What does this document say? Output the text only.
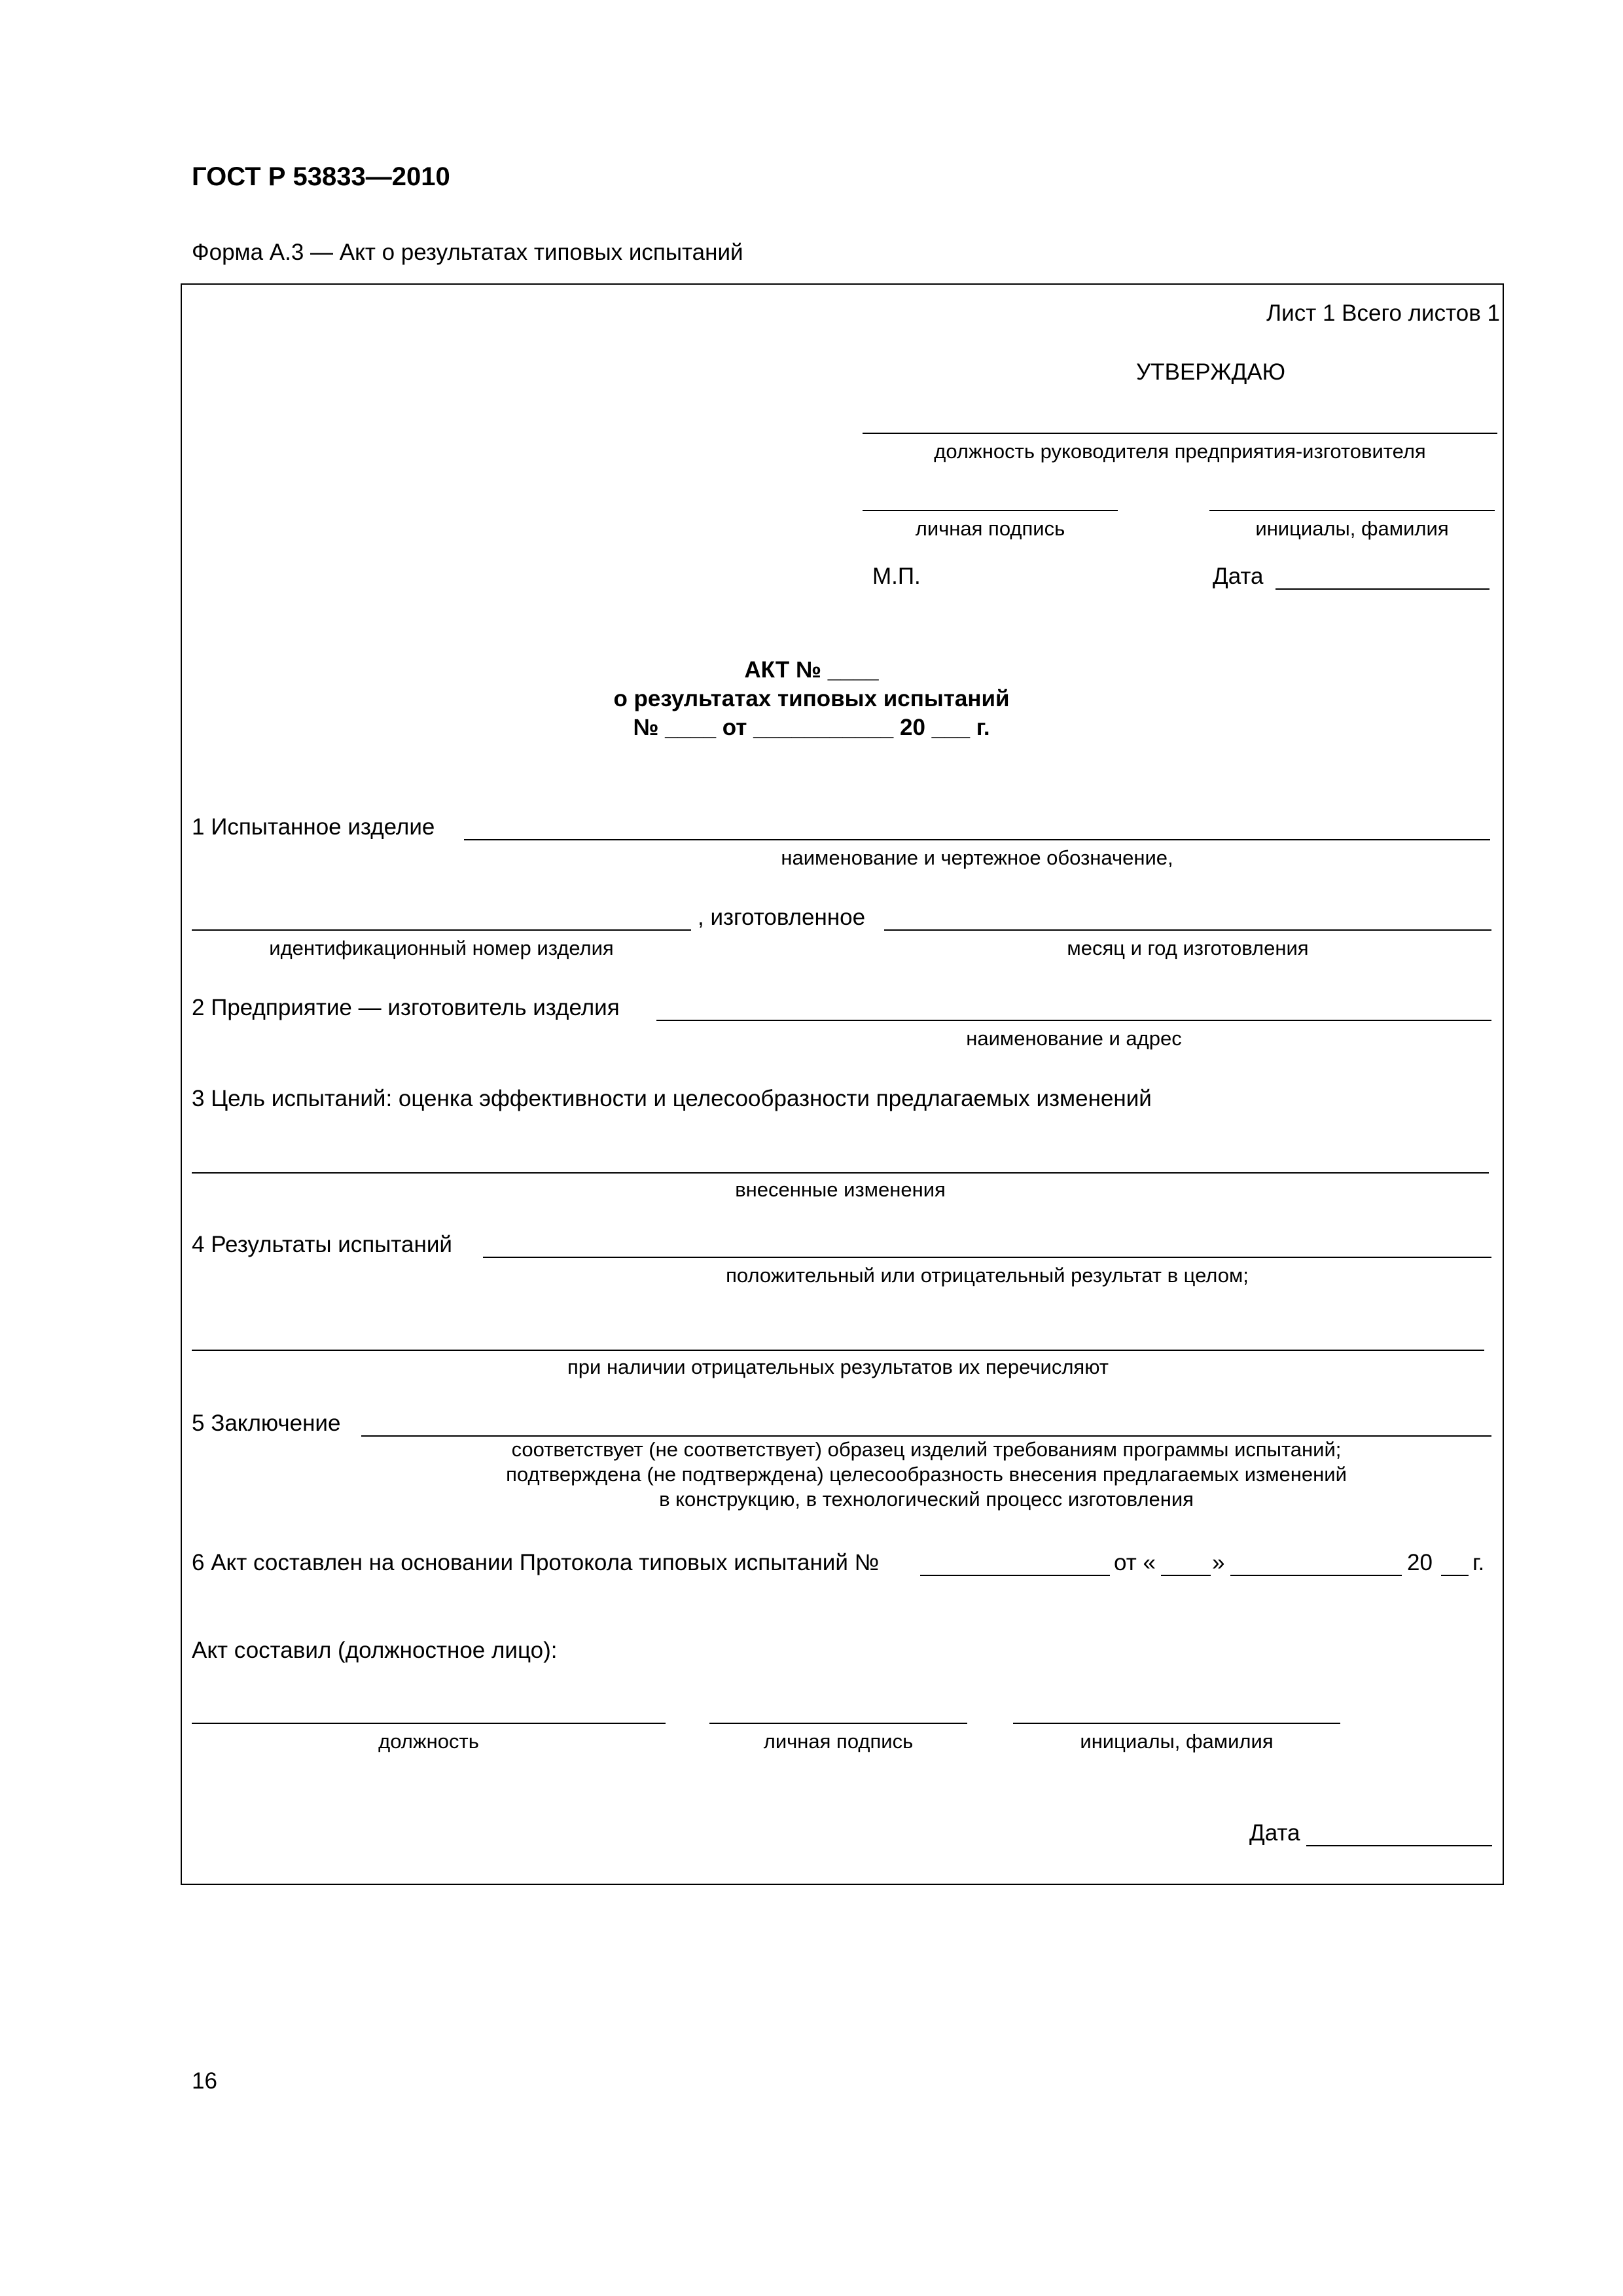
ГОСТ Р 53833—2010
Форма А.3 — Акт о результатах типовых испытаний
Лист 1 Всего листов 1
УТВЕРЖДАЮ
должность руководителя предприятия-изготовителя
личная подпись	инициалы, фамилия
М.П.	Дата
АКТ № ____
о результатах типовых испытаний
№ ____ от ___________ 20 ___ г.
1 Испытанное изделие
наименование и чертежное обозначение,
, изготовленное
идентификационный номер изделия	месяц и год изготовления
2 Предприятие — изготовитель изделия
наименование и адрес
3 Цель испытаний: оценка эффективности и целесообразности предлагаемых изменений
внесенные изменения
4 Результаты испытаний
положительный или отрицательный результат в целом;
при наличии отрицательных результатов их перечисляют
5 Заключение
соответствует (не соответствует) образец изделий требованиям программы испытаний;
подтверждена (не подтверждена) целесообразность внесения предлагаемых изменений
в конструкцию, в технологический процесс изготовления
6 Акт составлен на основании Протокола типовых испытаний №	от « »	20 г.
Акт составил (должностное лицо):
должность	личная подпись	инициалы, фамилия
Дата
16
